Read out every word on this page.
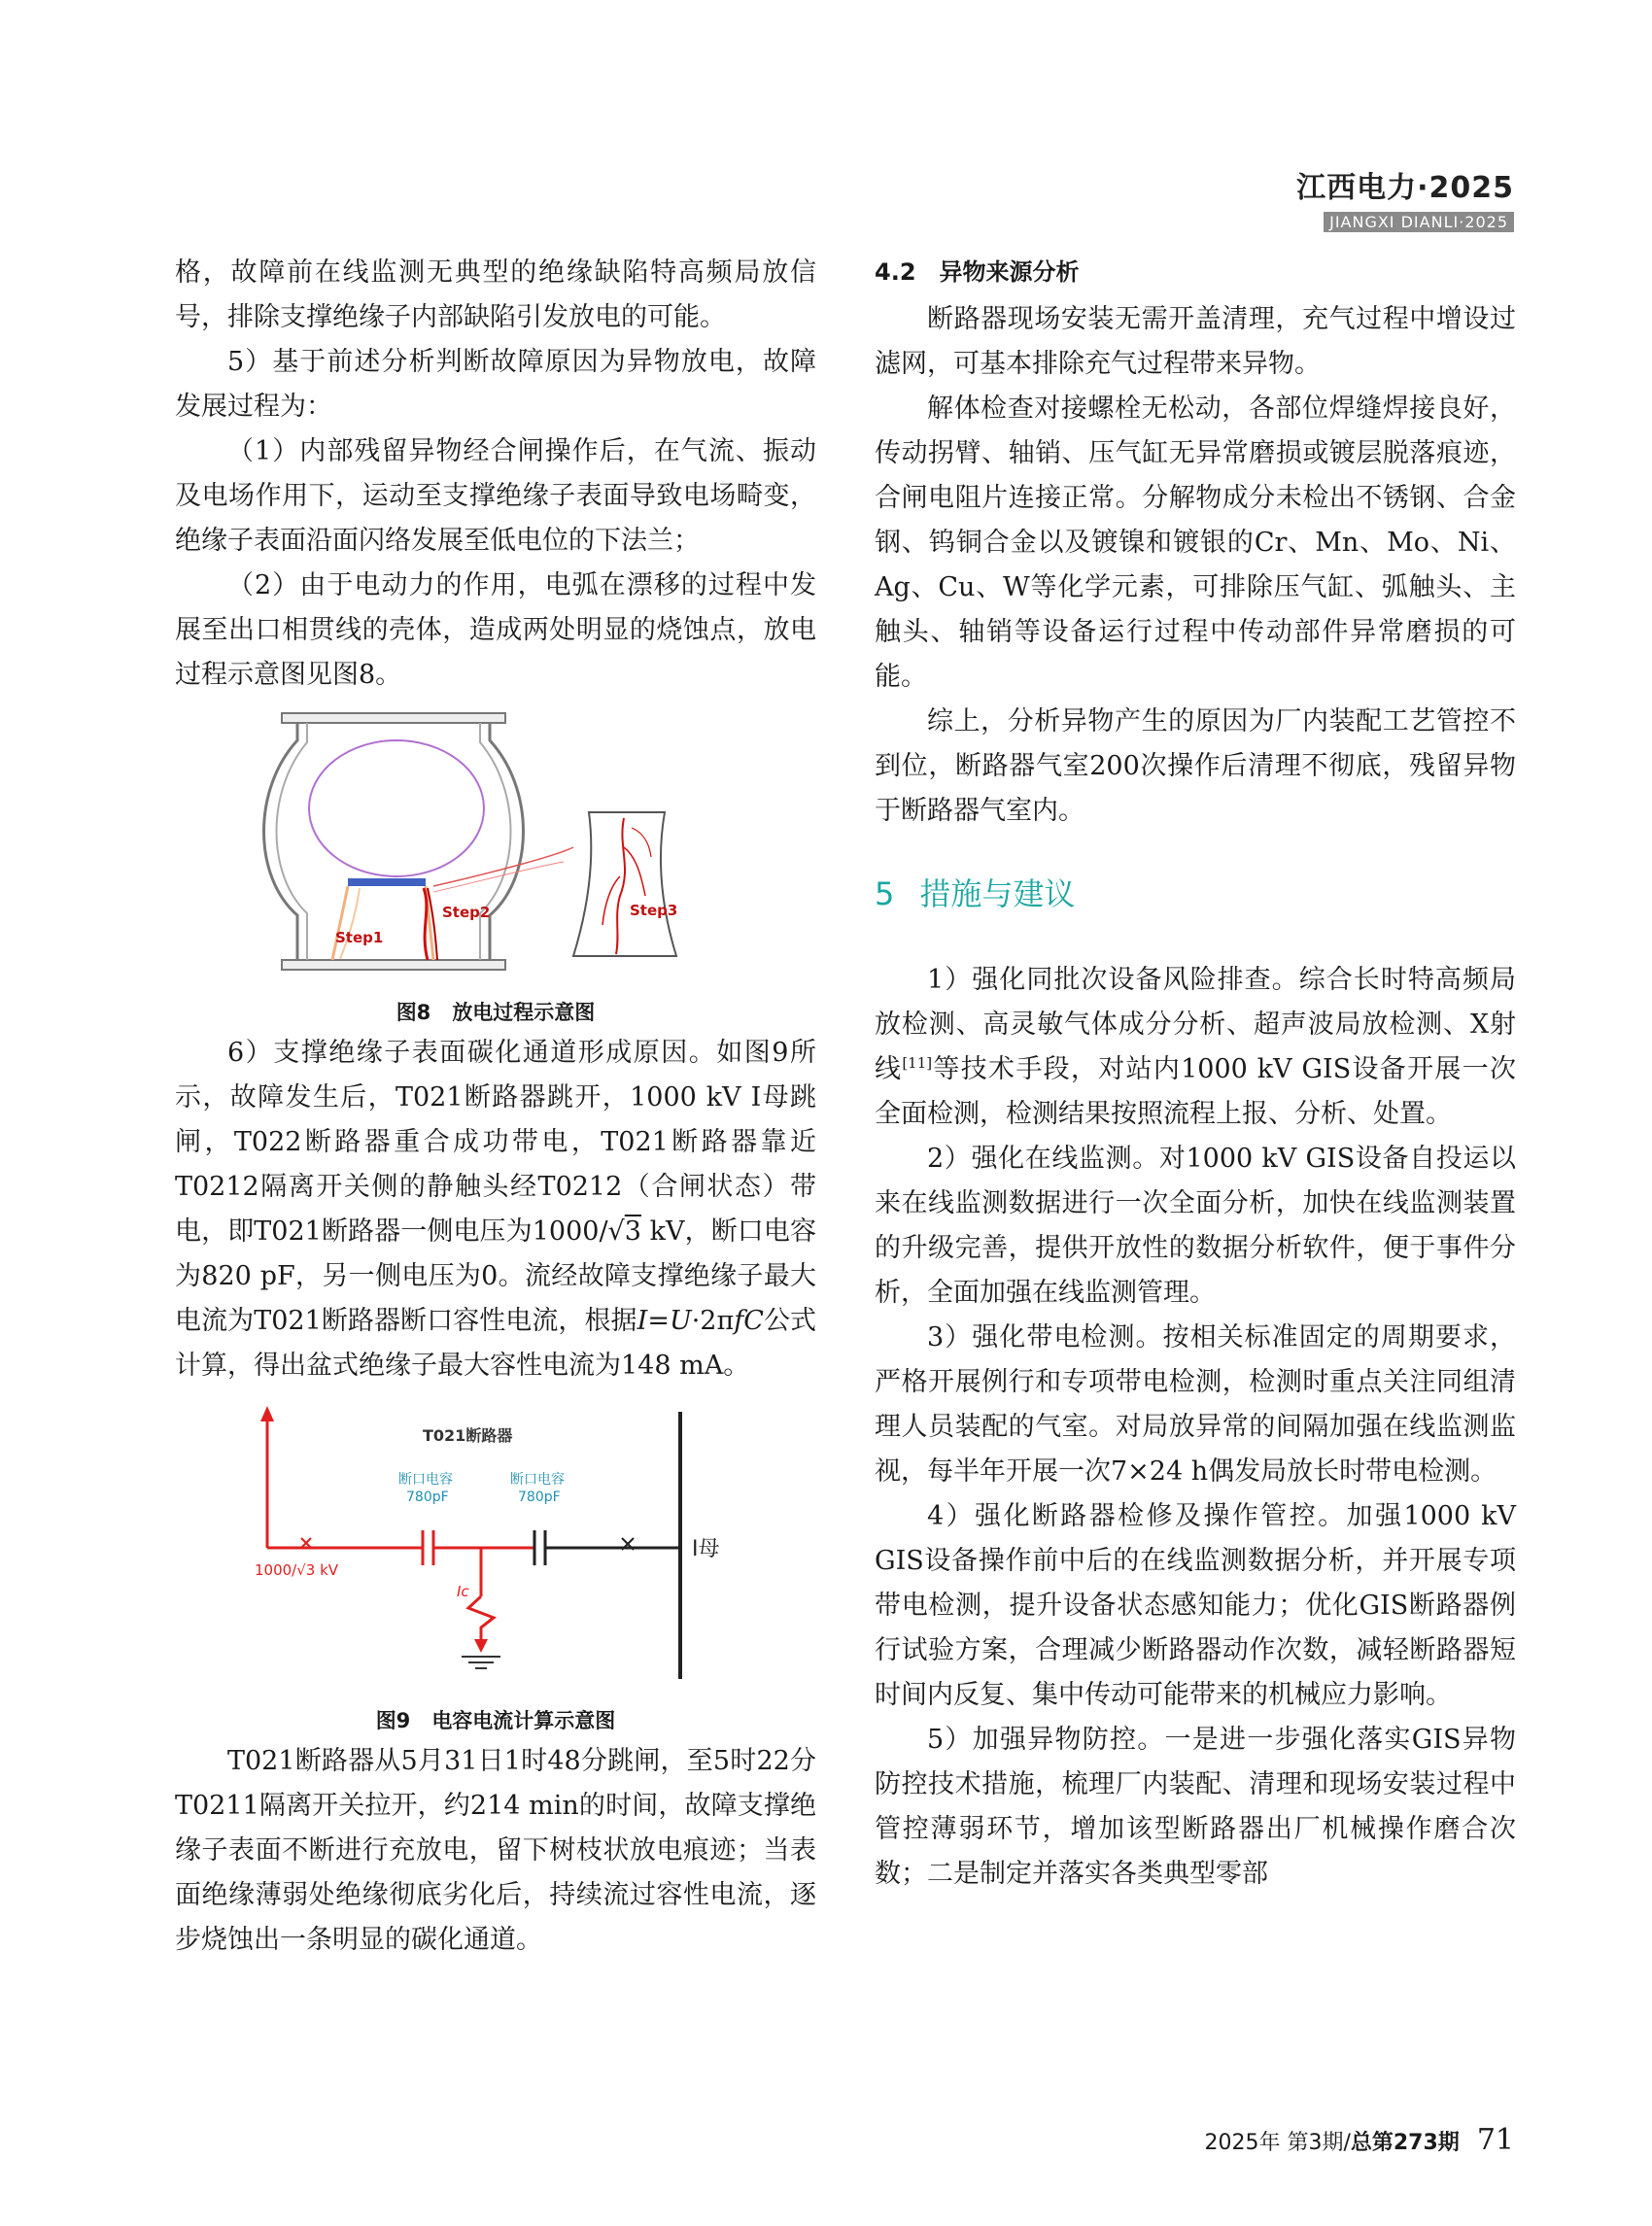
江西电力·2025
JIANGXI DIANLI·2025

格，故障前在线监测无典型的绝缘缺陷特高频局放信号，排除支撑绝缘子内部缺陷引发放电的可能。

5）基于前述分析判断故障原因为异物放电，故障发展过程为：

（1）内部残留异物经合闸操作后，在气流、振动及电场作用下，运动至支撑绝缘子表面导致电场畸变，绝缘子表面沿面闪络发展至低电位的下法兰；

（2）由于电动力的作用，电弧在漂移的过程中发展至出口相贯线的壳体，造成两处明显的烧蚀点，放电过程示意图见图8。

Step2
Step1
Step3
图8 放电过程示意图

6）支撑绝缘子表面碳化通道形成原因。如图9所示，故障发生后，T021断路器跳开，1000 kV I母跳闸，T022断路器重合成功带电，T021断路器靠近T0212隔离开关侧的静触头经T0212（合闸状态）带电，即T021断路器一侧电压为1000/√3 kV，断口电容为820 pF，另一侧电压为0。流经故障支撑绝缘子最大电流为T021断路器断口容性电流，根据I=U·2πfC公式计算，得出盆式绝缘子最大容性电流为148 mA。

T021断路器
断口电容
780pF
断口电容
780pF
1000/√3 kV
Ic
I母
图9 电容电流计算示意图

T021断路器从5月31日1时48分跳闸，至5时22分T0211隔离开关拉开，约214 min的时间，故障支撑绝缘子表面不断进行充放电，留下树枝状放电痕迹；当表面绝缘薄弱处绝缘彻底劣化后，持续流过容性电流，逐步烧蚀出一条明显的碳化通道。

4.2　异物来源分析

断路器现场安装无需开盖清理，充气过程中增设过滤网，可基本排除充气过程带来异物。

解体检查对接螺栓无松动，各部位焊缝焊接良好，传动拐臂、轴销、压气缸无异常磨损或镀层脱落痕迹，合闸电阻片连接正常。分解物成分未检出不锈钢、合金钢、钨铜合金以及镀镍和镀银的Cr、Mn、Mo、Ni、Ag、Cu、W等化学元素，可排除压气缸、弧触头、主触头、轴销等设备运行过程中传动部件异常磨损的可能。

综上，分析异物产生的原因为厂内装配工艺管控不到位，断路器气室200次操作后清理不彻底，残留异物于断路器气室内。

5 措施与建议

1）强化同批次设备风险排查。综合长时特高频局放检测、高灵敏气体成分分析、超声波局放检测、X射线[11]等技术手段，对站内1000 kV GIS设备开展一次全面检测，检测结果按照流程上报、分析、处置。

2）强化在线监测。对1000 kV GIS设备自投运以来在线监测数据进行一次全面分析，加快在线监测装置的升级完善，提供开放性的数据分析软件，便于事件分析，全面加强在线监测管理。

3）强化带电检测。按相关标准固定的周期要求，严格开展例行和专项带电检测，检测时重点关注同组清理人员装配的气室。对局放异常的间隔加强在线监测监视，每半年开展一次7×24 h偶发局放长时带电检测。

4）强化断路器检修及操作管控。加强1000 kV GIS设备操作前中后的在线监测数据分析，并开展专项带电检测，提升设备状态感知能力；优化GIS断路器例行试验方案，合理减少断路器动作次数，减轻断路器短时间内反复、集中传动可能带来的机械应力影响。

5）加强异物防控。一是进一步强化落实GIS异物防控技术措施，梳理厂内装配、清理和现场安装过程中管控薄弱环节，增加该型断路器出厂机械操作磨合次数；二是制定并落实各类典型零部

2025年 第3期/总第273期 71
